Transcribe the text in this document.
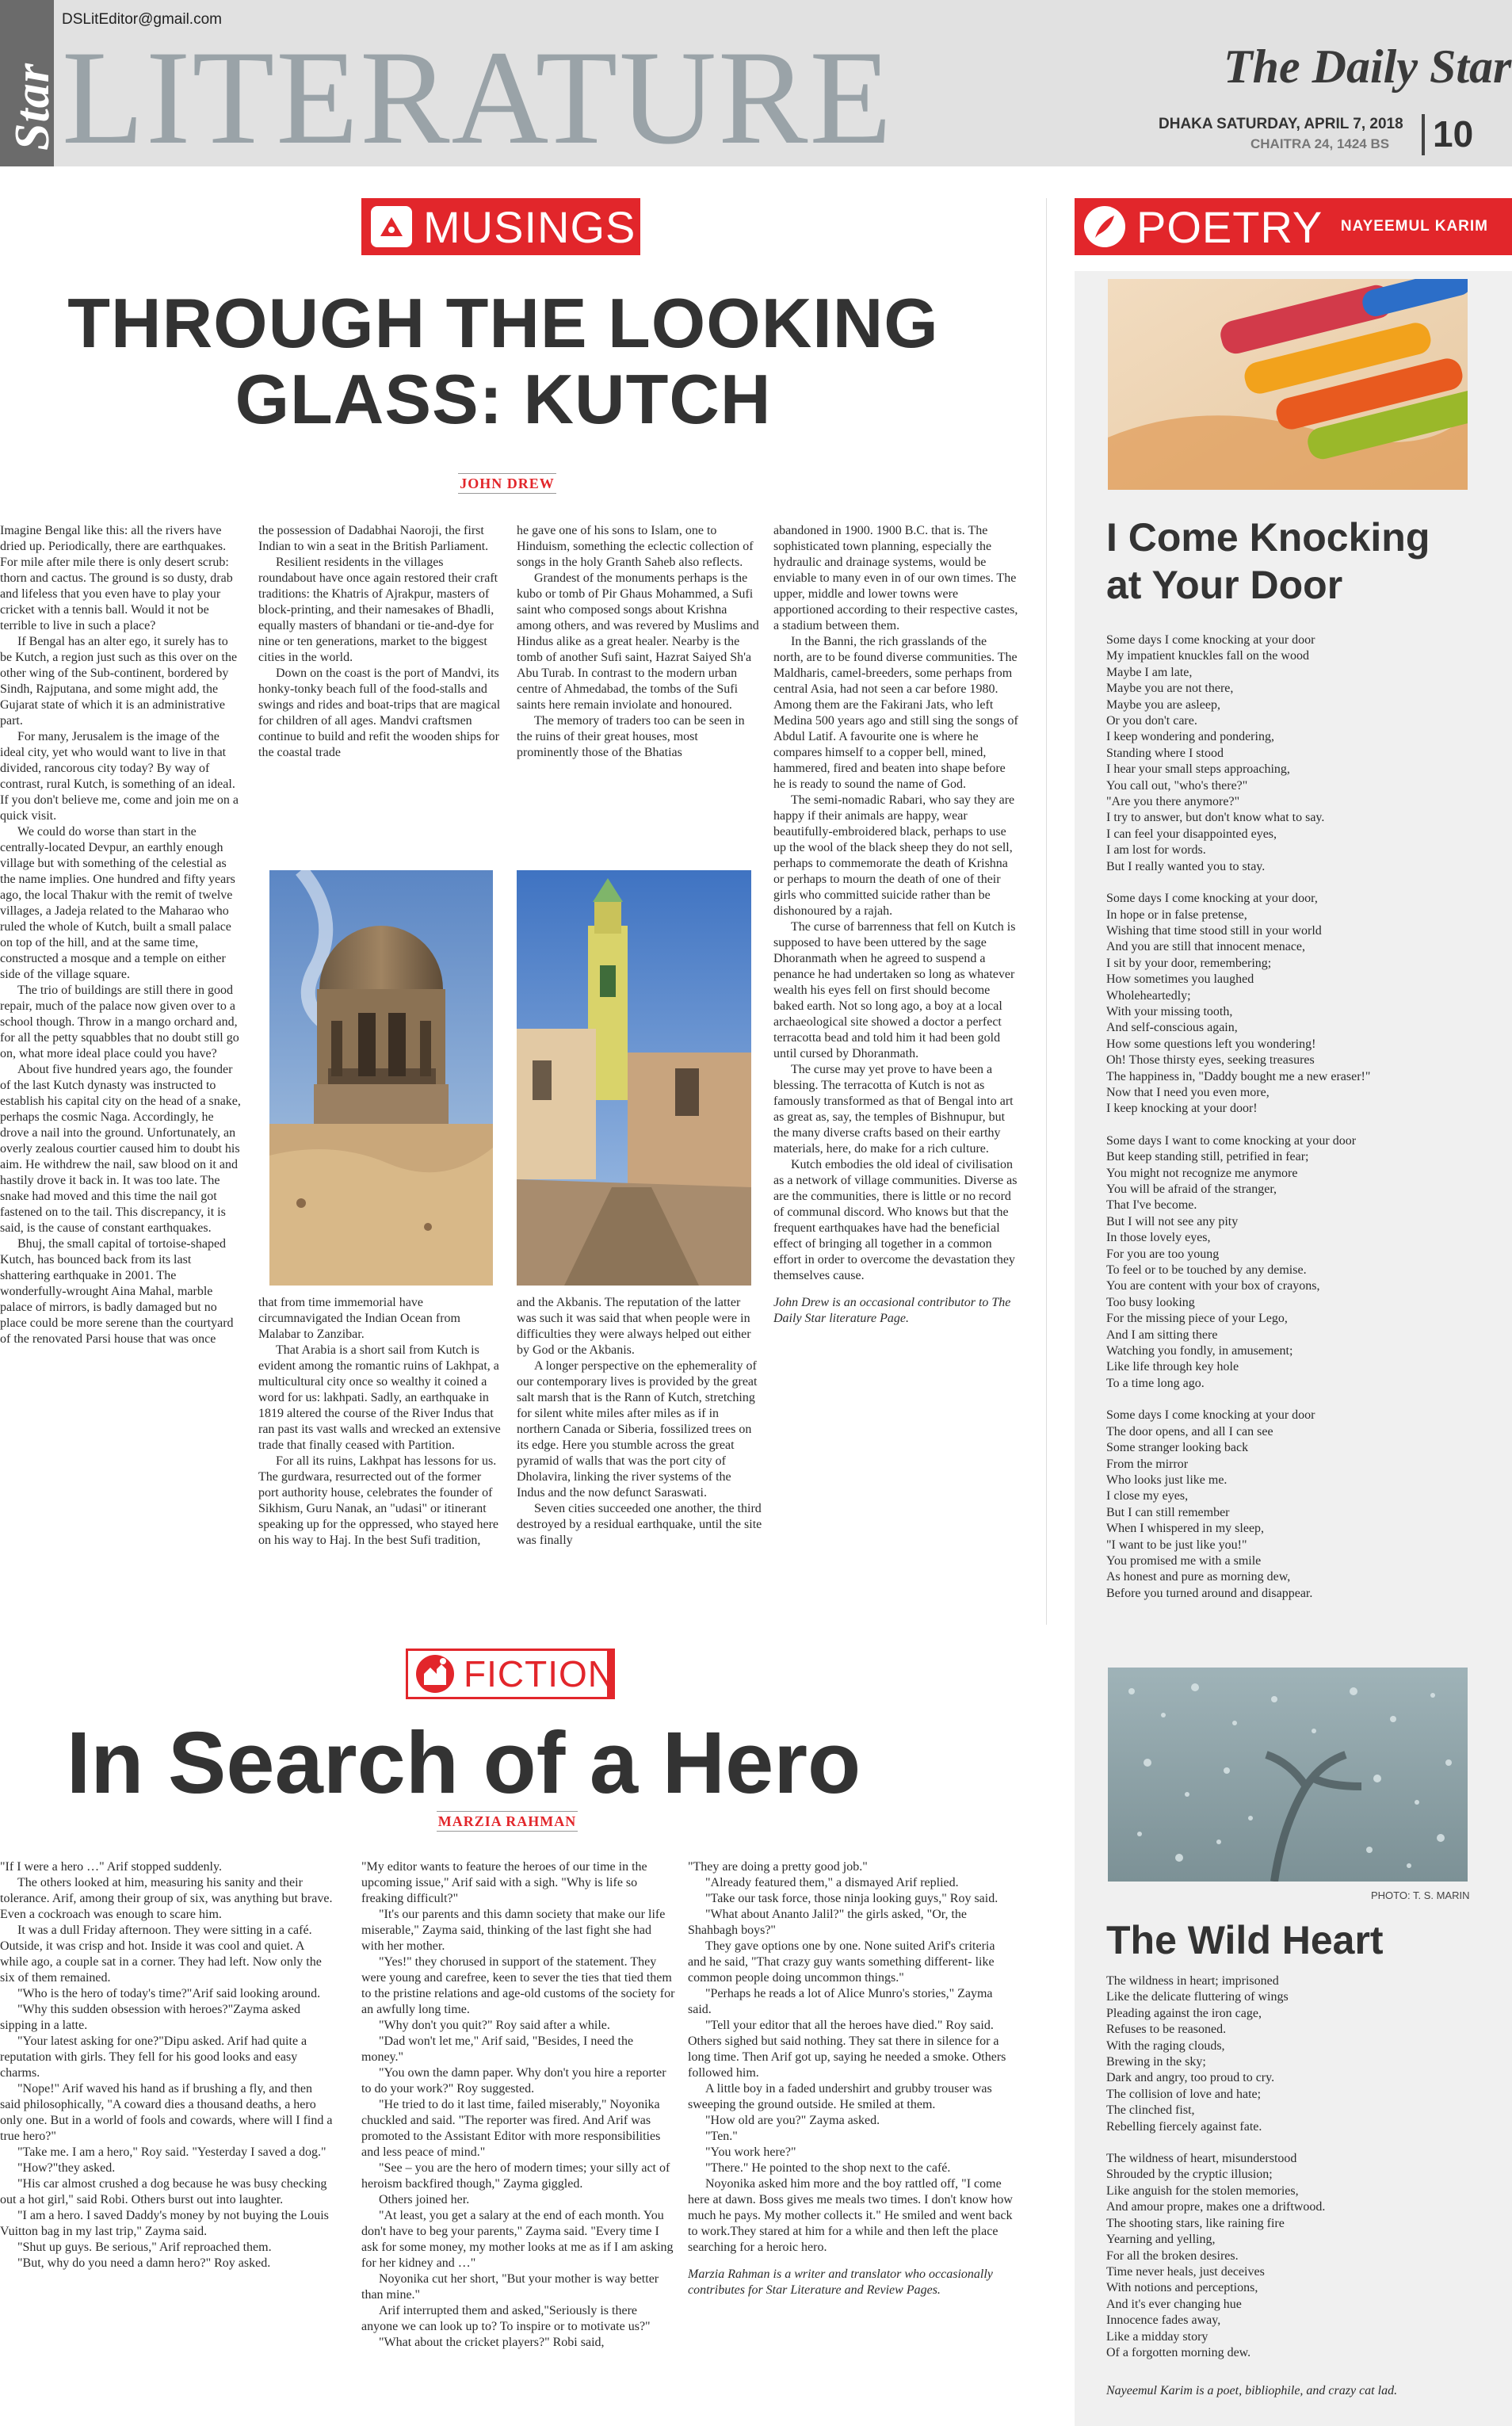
Star
DSLitEditor@gmail.com
LITERATURE	The Daily Star
DHAKA SATURDAY, APRIL 7, 2018
CHAITRA 24, 1424 BS 10
MUSINGS
THROUGH THE LOOKING GLASS: KUTCH
JOHN DREW

Imagine Bengal like this: all the rivers have dried up. Periodically, there are earthquakes. For mile after mile there is only desert scrub: thorn and cactus. The ground is so dusty, drab and lifeless that you even have to play your cricket with a tennis ball. Would it not be terrible to live in such a place?

If Bengal has an alter ego, it surely has to be Kutch, a region just such as this over on the other wing of the Sub-continent, bordered by Sindh, Rajputana, and some might add, the Gujarat state of which it is an administrative part.

For many, Jerusalem is the image of the ideal city, yet who would want to live in that divided, rancorous city today? By way of contrast, rural Kutch, is something of an ideal. If you don't believe me, come and join me on a quick visit.

We could do worse than start in the centrally-located Devpur, an earthly enough village but with something of the celestial as the name implies. One hundred and fifty years ago, the local Thakur with the remit of twelve villages, a Jadeja related to the Maharao who ruled the whole of Kutch, built a small palace on top of the hill, and at the same time, constructed a mosque and a temple on either side of the village square.

The trio of buildings are still there in good repair, much of the palace now given over to a school though. Throw in a mango orchard and, for all the petty squabbles that no doubt still go on, what more ideal place could you have?

About five hundred years ago, the founder of the last Kutch dynasty was instructed to establish his capital city on the head of a snake, perhaps the cosmic Naga. Accordingly, he drove a nail into the ground. Unfortunately, an overly zealous courtier caused him to doubt his aim. He withdrew the nail, saw blood on it and hastily drove it back in. It was too late. The snake had moved and this time the nail got fastened on to the tail. This discrepancy, it is said, is the cause of constant earthquakes.

Bhuj, the small capital of tortoise-shaped Kutch, has bounced back from its last shattering earthquake in 2001. The wonderfully-wrought Aina Mahal, marble palace of mirrors, is badly damaged but no place could be more serene than the courtyard of the renovated Parsi house that was once

the possession of Dadabhai Naoroji, the first Indian to win a seat in the British Parliament.

Resilient residents in the villages roundabout have once again restored their craft traditions: the Khatris of Ajrakpur, masters of block-printing, and their namesakes of Bhadli, equally masters of bhandani or tie-and-dye for nine or ten generations, market to the biggest cities in the world.

Down on the coast is the port of Mandvi, its honky-tonky beach full of the food-stalls and swings and rides and boat-trips that are magical for children of all ages. Mandvi craftsmen continue to build and refit the wooden ships for the coastal trade

he gave one of his sons to Islam, one to Hinduism, something the eclectic collection of songs in the holy Granth Saheb also reflects.

Grandest of the monuments perhaps is the kubo or tomb of Pir Ghaus Mohammed, a Sufi saint who composed songs about Krishna among others, and was revered by Muslims and Hindus alike as a great healer. Nearby is the tomb of another Sufi saint, Hazrat Saiyed Sh'a Abu Turab. In contrast to the modern urban centre of Ahmedabad, the tombs of the Sufi saints here remain inviolate and honoured.

The memory of traders too can be seen in the ruins of their great houses, most prominently those of the Bhatias

that from time immemorial have circumnavigated the Indian Ocean from Malabar to Zanzibar.

That Arabia is a short sail from Kutch is evident among the romantic ruins of Lakhpat, a multicultural city once so wealthy it coined a word for us: lakhpati. Sadly, an earthquake in 1819 altered the course of the River Indus that ran past its vast walls and wrecked an extensive trade that finally ceased with Partition.

For all its ruins, Lakhpat has lessons for us. The gurdwara, resurrected out of the former port authority house, celebrates the founder of Sikhism, Guru Nanak, an "udasi" or itinerant speaking up for the oppressed, who stayed here on his way to Haj. In the best Sufi tradition,

and the Akbanis. The reputation of the latter was such it was said that when people were in difficulties they were always helped out either by God or the Akbanis.

A longer perspective on the ephemerality of our contemporary lives is provided by the great salt marsh that is the Rann of Kutch, stretching for silent white miles after miles as if in northern Canada or Siberia, fossilized trees on its edge. Here you stumble across the great pyramid of walls that was the port city of Dholavira, linking the river systems of the Indus and the now defunct Saraswati.

Seven cities succeeded one another, the third destroyed by a residual earthquake, until the site was finally

abandoned in 1900. 1900 B.C. that is. The sophisticated town planning, especially the hydraulic and drainage systems, would be enviable to many even in of our own times. The upper, middle and lower towns were apportioned according to their respective castes, a stadium between them.

In the Banni, the rich grasslands of the north, are to be found diverse communities. The Maldharis, camel-breeders, some perhaps from central Asia, had not seen a car before 1980. Among them are the Fakirani Jats, who left Medina 500 years ago and still sing the songs of Abdul Latif. A favourite one is where he compares himself to a copper bell, mined, hammered, fired and beaten into shape before he is ready to sound the name of God.

The semi-nomadic Rabari, who say they are happy if their animals are happy, wear beautifully-embroidered black, perhaps to use up the wool of the black sheep they do not sell, perhaps to commemorate the death of Krishna or perhaps to mourn the death of one of their girls who committed suicide rather than be dishonoured by a rajah.

The curse of barrenness that fell on Kutch is supposed to have been uttered by the sage Dhoranmath when he agreed to suspend a penance he had undertaken so long as whatever wealth his eyes fell on first should become baked earth. Not so long ago, a boy at a local archaeological site showed a doctor a perfect terracotta bead and told him it had been gold until cursed by Dhoranmath.

The curse may yet prove to have been a blessing. The terracotta of Kutch is not as famously transformed as that of Bengal into art as great as, say, the temples of Bishnupur, but the many diverse crafts based on their earthy materials, here, do make for a rich culture.

Kutch embodies the old ideal of civilisation as a network of village communities. Diverse as are the communities, there is little or no record of communal discord. Who knows but that the frequent earthquakes have had the beneficial effect of bringing all together in a common effort in order to overcome the devastation they themselves cause.

John Drew is an occasional contributor to The Daily Star literature Page.

POETRY NAYEEMUL KARIM
I Come Knocking at Your Door
Some days I come knocking at your door
My impatient knuckles fall on the wood
Maybe I am late,
Maybe you are not there,
Maybe you are asleep,
Or you don't care.
I keep wondering and pondering,
Standing where I stood
I hear your small steps approaching,
You call out, "who's there?"
"Are you there anymore?"
I try to answer, but don't know what to say.
I can feel your disappointed eyes,
I am lost for words.
But I really wanted you to stay.
Some days I come knocking at your door,
In hope or in false pretense,
Wishing that time stood still in your world
And you are still that innocent menace,
I sit by your door, remembering;
How sometimes you laughed
Wholeheartedly;
With your missing tooth,
And self-conscious again,
How some questions left you wondering!
Oh! Those thirsty eyes, seeking treasures
The happiness in, "Daddy bought me a new eraser!"
Now that I need you even more,
I keep knocking at your door!
Some days I want to come knocking at your door
But keep standing still, petrified in fear;
You might not recognize me anymore
You will be afraid of the stranger,
That I've become.
But I will not see any pity
In those lovely eyes,
For you are too young
To feel or to be touched by any demise.
You are content with your box of crayons,
Too busy looking
For the missing piece of your Lego,
And I am sitting there
Watching you fondly, in amusement;
Like life through key hole
To a time long ago.
Some days I come knocking at your door
The door opens, and all I can see
Some stranger looking back
From the mirror
Who looks just like me.
I close my eyes,
But I can still remember
When I whispered in my sleep,
"I want to be just like you!"
You promised me with a smile
As honest and pure as morning dew,
Before you turned around and disappear.
PHOTO: T. S. MARIN
The Wild Heart
The wildness in heart; imprisoned
Like the delicate fluttering of wings
Pleading against the iron cage,
Refuses to be reasoned.
With the raging clouds,
Brewing in the sky;
Dark and angry, too proud to cry.
The collision of love and hate;
The clinched fist,
Rebelling fiercely against fate.
The wildness of heart, misunderstood
Shrouded by the cryptic illusion;
Like anguish for the stolen memories,
And amour propre, makes one a driftwood.
The shooting stars, like raining fire
Yearning and yelling,
For all the broken desires.
Time never heals, just deceives
With notions and perceptions,
And it's ever changing hue
Innocence fades away,
Like a midday story
Of a forgotten morning dew.
Nayeemul Karim is a poet, bibliophile, and crazy cat lad.
FICTION
In Search of a Hero
MARZIA RAHMAN

"If I were a hero …" Arif stopped suddenly.

The others looked at him, measuring his sanity and their tolerance. Arif, among their group of six, was anything but brave. Even a cockroach was enough to scare him.

It was a dull Friday afternoon. They were sitting in a café. Outside, it was crisp and hot. Inside it was cool and quiet. A while ago, a couple sat in a corner. They had left. Now only the six of them remained.

"Who is the hero of today's time?"Arif said looking around.

"Why this sudden obsession with heroes?"Zayma asked sipping in a latte.

"Your latest asking for one?"Dipu asked. Arif had quite a reputation with girls. They fell for his good looks and easy charms.

"Nope!" Arif waved his hand as if brushing a fly, and then said philosophically, "A coward dies a thousand deaths, a hero only one. But in a world of fools and cowards, where will I find a true hero?"

"Take me. I am a hero," Roy said. "Yesterday I saved a dog."

"How?"they asked.

"His car almost crushed a dog because he was busy checking out a hot girl," said Robi. Others burst out into laughter.

"I am a hero. I saved Daddy's money by not buying the Louis Vuitton bag in my last trip," Zayma said.

"Shut up guys. Be serious," Arif reproached them.

"But, why do you need a damn hero?" Roy asked.

"My editor wants to feature the heroes of our time in the upcoming issue," Arif said with a sigh. "Why is life so freaking difficult?"

"It's our parents and this damn society that make our life miserable," Zayma said, thinking of the last fight she had with her mother.

"Yes!" they chorused in support of the statement. They were young and carefree, keen to sever the ties that tied them to the pristine relations and age-old customs of the society for an awfully long time.

"Why don't you quit?" Roy said after a while.

"Dad won't let me," Arif said, "Besides, I need the money."

"You own the damn paper. Why don't you hire a reporter to do your work?" Roy suggested.

"He tried to do it last time, failed miserably," Noyonika chuckled and said. "The reporter was fired. And Arif was promoted to the Assistant Editor with more responsibilities and less peace of mind."

"See – you are the hero of modern times; your silly act of heroism backfired though," Zayma giggled.

Others joined her.

"At least, you get a salary at the end of each month. You don't have to beg your parents," Zayma said. "Every time I ask for some money, my mother looks at me as if I am asking for her kidney and …"

Noyonika cut her short, "But your mother is way better than mine."

Arif interrupted them and asked,"Seriously is there anyone we can look up to? To inspire or to motivate us?"

"What about the cricket players?" Robi said,

"They are doing a pretty good job."

"Already featured them," a dismayed Arif replied.

"Take our task force, those ninja looking guys," Roy said.

"What about Ananto Jalil?" the girls asked, "Or, the Shahbagh boys?"

They gave options one by one. None suited Arif's criteria and he said, "That crazy guy wants something different- like common people doing uncommon things."

"Perhaps he reads a lot of Alice Munro's stories," Zayma said.

"Tell your editor that all the heroes have died." Roy said. Others sighed but said nothing. They sat there in silence for a long time. Then Arif got up, saying he needed a smoke. Others followed him.

A little boy in a faded undershirt and grubby trouser was sweeping the ground outside. He smiled at them.

"How old are you?" Zayma asked.

"Ten."

"You work here?"

"There." He pointed to the shop next to the café.

Noyonika asked him more and the boy rattled off, "I come here at dawn. Boss gives me meals two times. I don't know how much he pays. My mother collects it." He smiled and went back to work.They stared at him for a while and then left the place searching for a heroic hero.

Marzia Rahman is a writer and translator who occasionally contributes for Star Literature and Review Pages.
